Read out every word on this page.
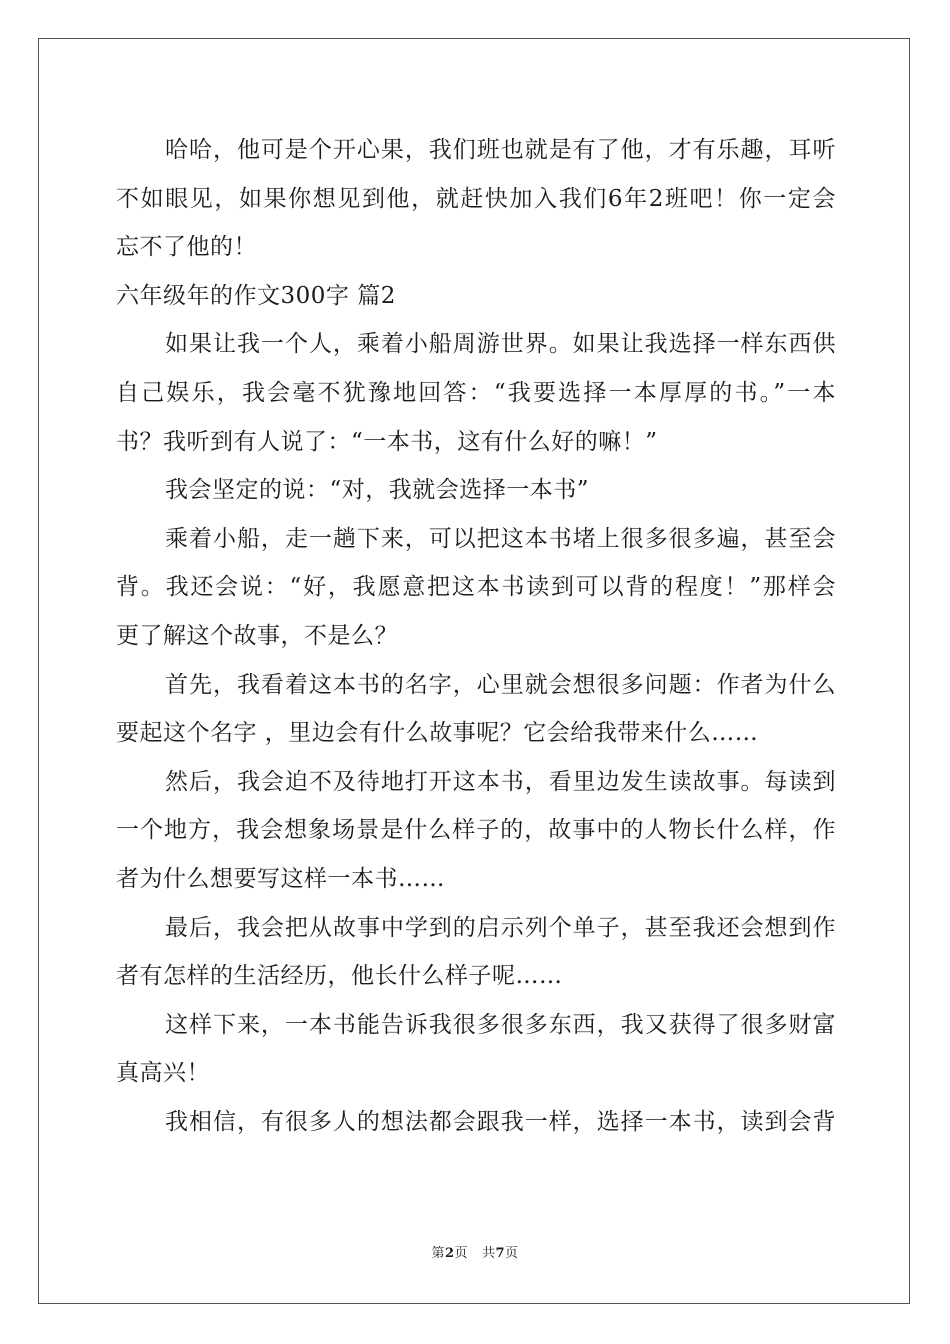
哈哈，他可是个开心果，我们班也就是有了他，才有乐趣，耳听
不如眼见，如果你想见到他，就赶快加入我们6年2班吧！你一定会
忘不了他的！
六年级年的作文300字 篇2
如果让我一个人，乘着小船周游世界。如果让我选择一样东西供
自己娱乐，我会毫不犹豫地回答：“我要选择一本厚厚的书。”一本
书？我听到有人说了：“一本书，这有什么好的嘛！”
我会坚定的说：“对，我就会选择一本书”
乘着小船，走一趟下来，可以把这本书堵上很多很多遍，甚至会
背。我还会说：“好，我愿意把这本书读到可以背的程度！”那样会
更了解这个故事，不是么？
首先，我看着这本书的名字，心里就会想很多问题：作者为什么
要起这个名字 ，里边会有什么故事呢？它会给我带来什么……
然后，我会迫不及待地打开这本书，看里边发生读故事。每读到
一个地方，我会想象场景是什么样子的，故事中的人物长什么样，作
者为什么想要写这样一本书……
最后，我会把从故事中学到的启示列个单子，甚至我还会想到作
者有怎样的生活经历，他长什么样子呢……
这样下来，一本书能告诉我很多很多东西，我又获得了很多财富
真高兴！
我相信，有很多人的想法都会跟我一样，选择一本书，读到会背
第2页 共7页
